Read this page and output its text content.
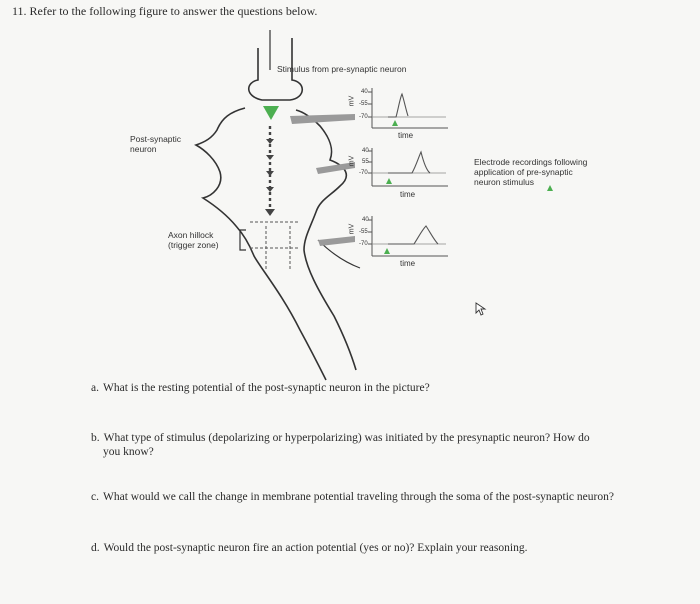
11. Refer to the following figure to answer the questions below.
Stimulus from pre-synaptic neuron
Post-synaptic
neuron
Axon hillock
(trigger zone)
Electrode recordings following
application of pre-synaptic
neuron stimulus
mV
40
-55
-70
time
mV
40
55
-70
time
mV
40
-55
-70
time
a. What is the resting potential of the post-synaptic neuron in the picture?
b. What type of stimulus (depolarizing or hyperpolarizing) was initiated by the presynaptic neuron? How do
you know?
c. What would we call the change in membrane potential traveling through the soma of the post-synaptic neuron?
d. Would the post-synaptic neuron fire an action potential (yes or no)? Explain your reasoning.
